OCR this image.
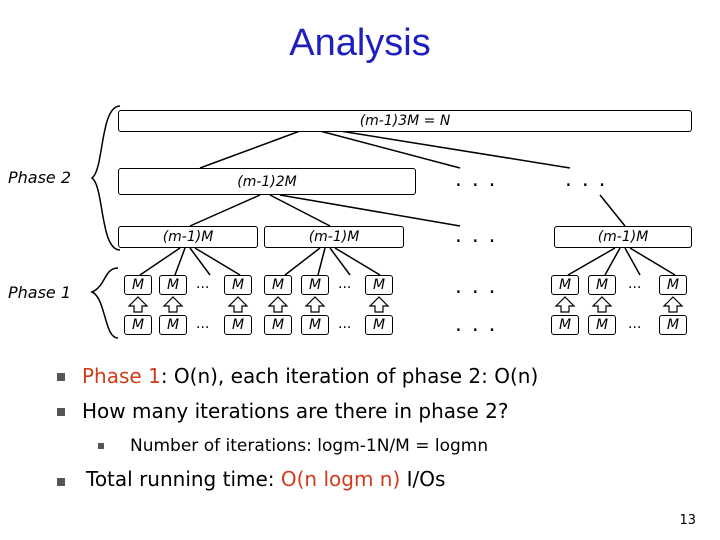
Analysis
Phase 2
Phase 1
(m-1)3M = N
(m-1)2M	...	...
(m-1)M	(m-1)M	...	(m-1)M
M	M	...	M	M	M	...	M	...	M	M	...	M
M	M	...	M	M	M	...	M	...	M	M	...	M
Phase 1: O(n), each iteration of phase 2: O(n)
How many iterations are there in phase 2?
Number of iterations: logm-1N/M = logmn
Total running time: O(n logm n) I/Os
13
